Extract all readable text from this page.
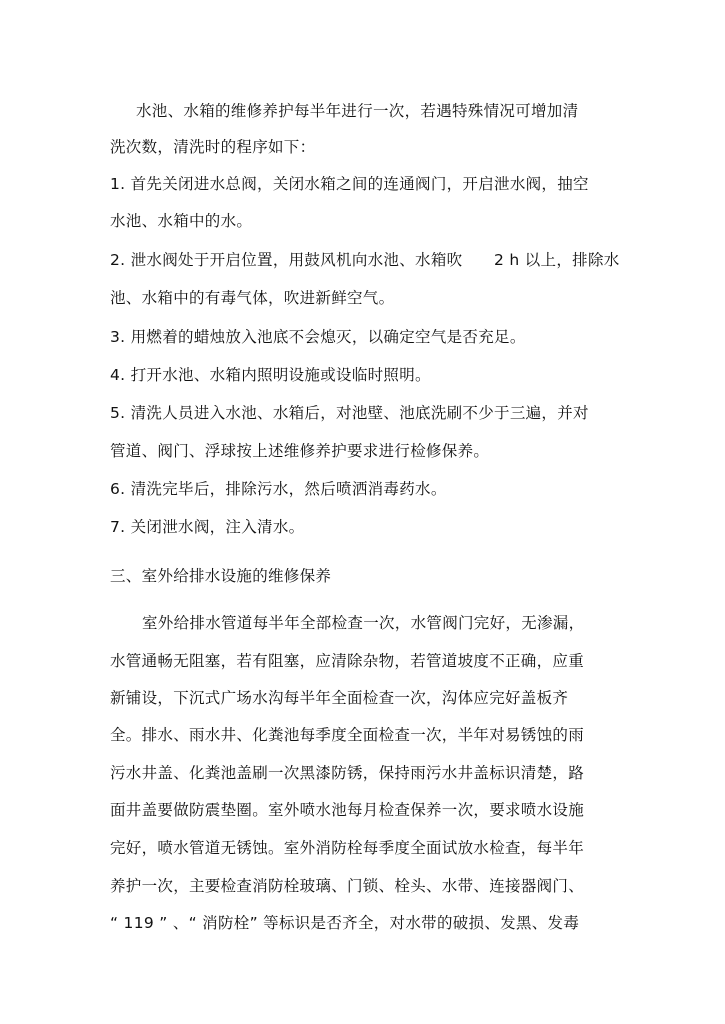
水池、水箱的维修养护每半年进行一次，若遇特殊情况可增加清
洗次数，清洗时的程序如下：
1. 首先关闭进水总阀，关闭水箱之间的连通阀门，开启泄水阀，抽空
水池、水箱中的水。
2. 泄水阀处于开启位置，用鼓风机向水池、水箱吹　　2 h 以上，排除水
池、水箱中的有毒气体，吹进新鲜空气。
3. 用燃着的蜡烛放入池底不会熄灭，以确定空气是否充足。
4. 打开水池、水箱内照明设施或设临时照明。
5. 清洗人员进入水池、水箱后，对池壁、池底洗刷不少于三遍，并对
管道、阀门、浮球按上述维修养护要求进行检修保养。
6. 清洗完毕后，排除污水，然后喷洒消毒药水。
7. 关闭泄水阀，注入清水。
三、室外给排水设施的维修保养
室外给排水管道每半年全部检查一次，水管阀门完好，无渗漏，
水管通畅无阻塞，若有阻塞，应清除杂物，若管道坡度不正确，应重
新铺设，下沉式广场水沟每半年全面检查一次，沟体应完好盖板齐
全。排水、雨水井、化粪池每季度全面检查一次，半年对易锈蚀的雨
污水井盖、化粪池盖刷一次黑漆防锈，保持雨污水井盖标识清楚，路
面井盖要做防震垫圈。室外喷水池每月检查保养一次，要求喷水设施
完好，喷水管道无锈蚀。室外消防栓每季度全面试放水检查，每半年
养护一次，主要检查消防栓玻璃、门锁、栓头、水带、连接器阀门、
“ 119 ” 、“ 消防栓” 等标识是否齐全，对水带的破损、发黑、发毒
